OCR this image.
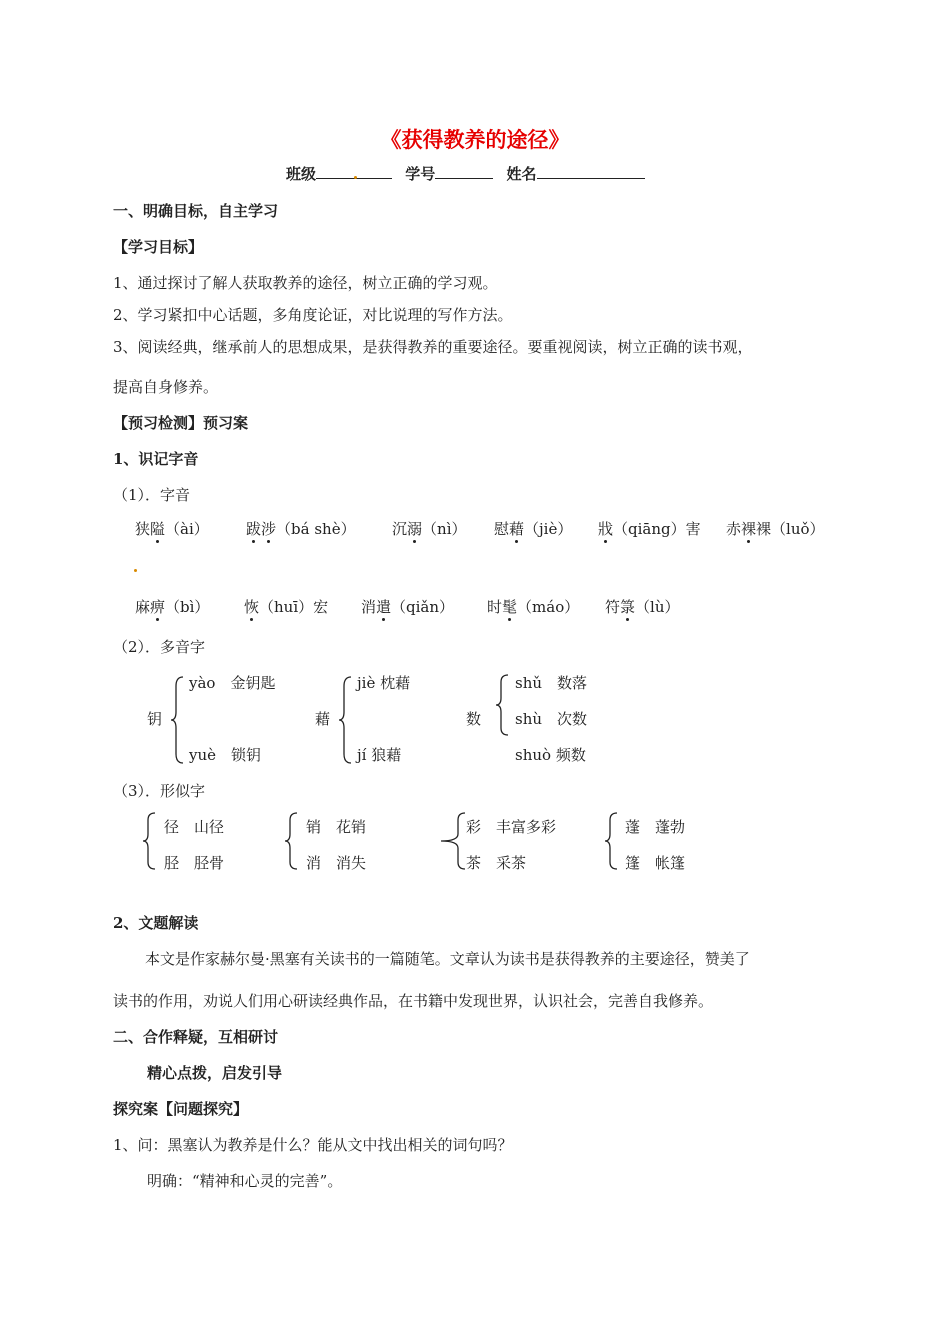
《获得教养的途径》
班级	学号	姓名
一、明确目标，自主学习
【学习目标】
1、通过探讨了解人获取教养的途径，树立正确的学习观。
2、学习紧扣中心话题，多角度论证，对比说理的写作方法。
3、阅读经典，继承前人的思想成果，是获得教养的重要途径。要重视阅读，树立正确的读书观，
提高自身修养。
【预习检测】预习案
1、识记字音
（1）．字音
狭隘（ài） 跋涉（bá shè） 沉溺（nì） 慰藉（jiè） 戕（qiāng）害 赤裸裸（luǒ）
麻痹（bì） 恢（huī）宏 消遣（qiǎn） 时髦（máo） 符箓（lù）
（2）．多音字
钥
yào　金钥匙
yuè　锁钥
藉
jiè 枕藉
jí 狼藉
数
shǔ　数落
shù　次数
shuò 频数
（3）．形似字
径　山径
胫　胫骨
销　花销
消　消失
彩　丰富多彩
茶　采茶
蓬　蓬勃
篷　帐篷
2、文题解读
本文是作家赫尔曼·黑塞有关读书的一篇随笔。文章认为读书是获得教养的主要途径，赞美了
读书的作用，劝说人们用心研读经典作品，在书籍中发现世界，认识社会，完善自我修养。
二、合作释疑，互相研讨
精心点拨，启发引导
探究案【问题探究】
1、问：黑塞认为教养是什么？能从文中找出相关的词句吗？
明确：“精神和心灵的完善”。
